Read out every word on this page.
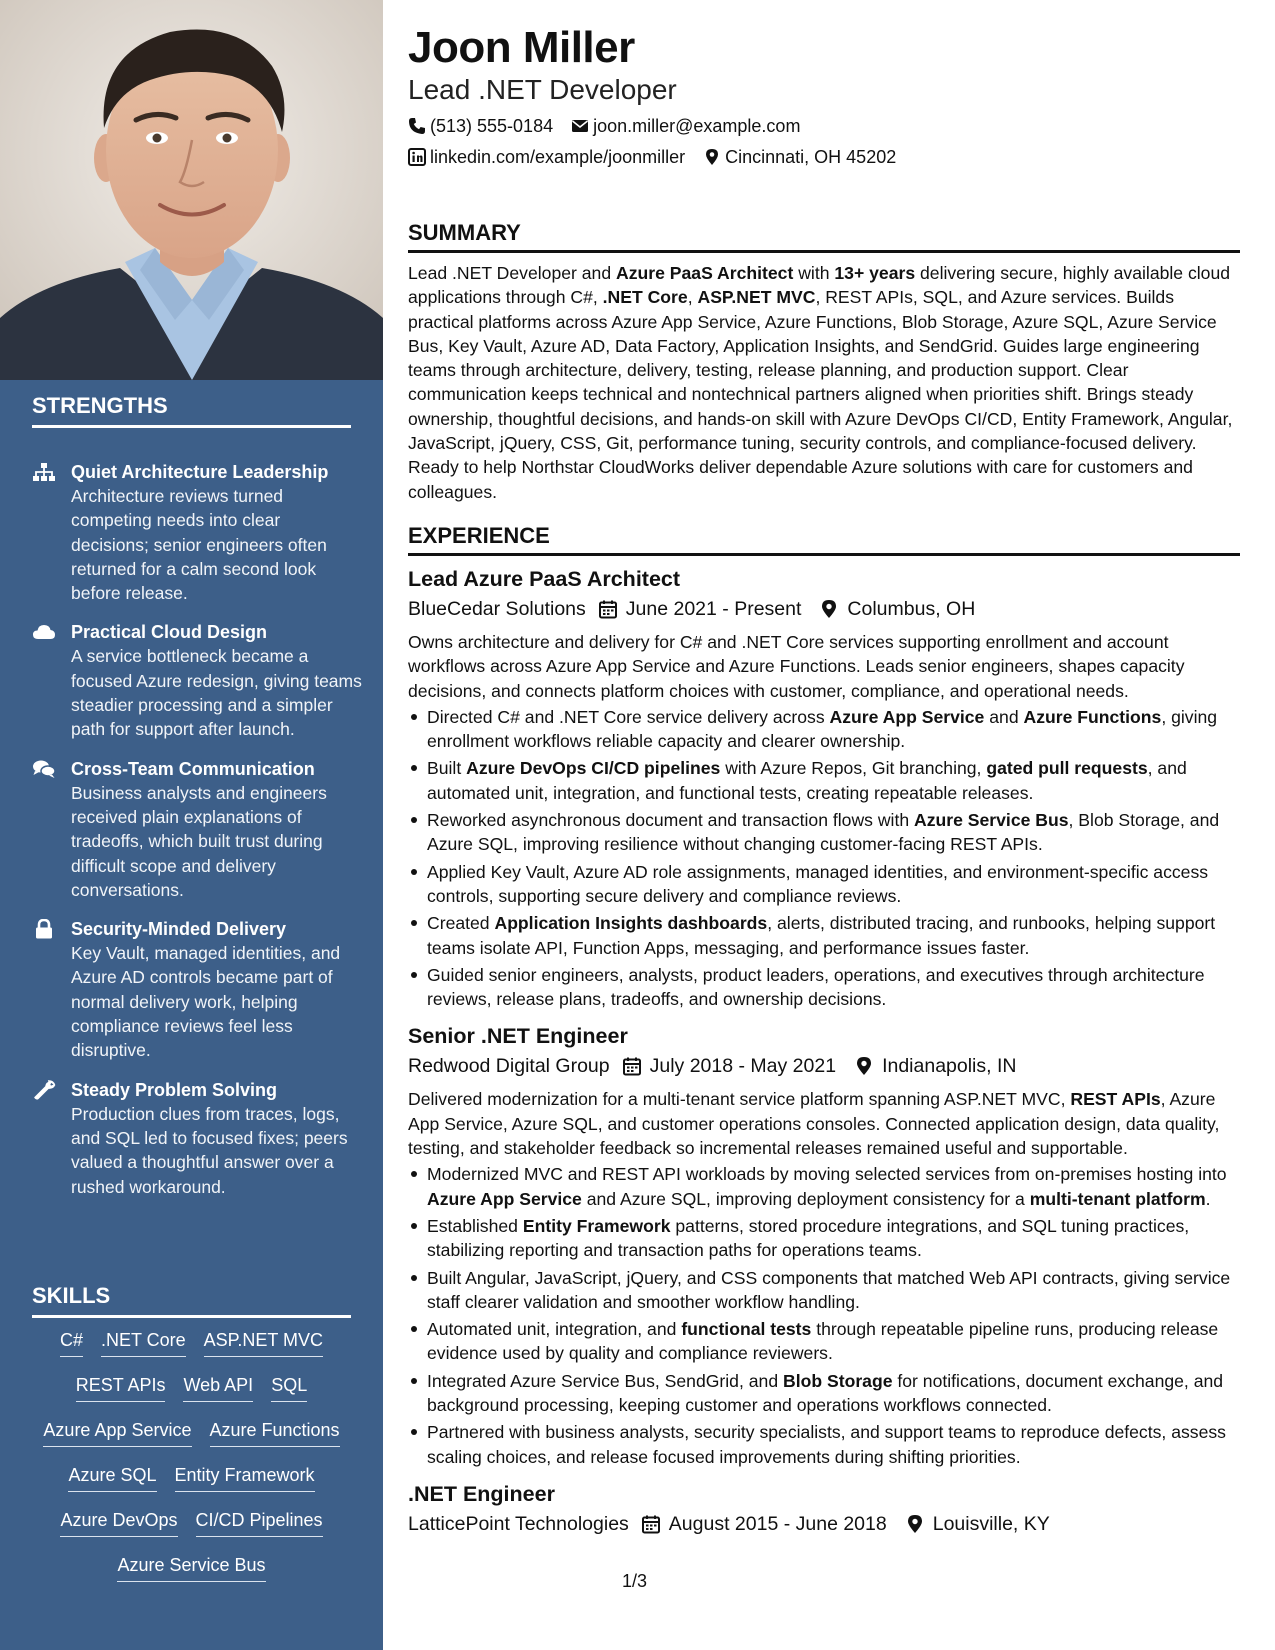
STRENGTHS
Quiet Architecture Leadership
Architecture reviews turned competing needs into clear decisions; senior engineers often returned for a calm second look before release.
Practical Cloud Design
A service bottleneck became a focused Azure redesign, giving teams steadier processing and a simpler path for support after launch.
Cross-Team Communication
Business analysts and engineers received plain explanations of tradeoffs, which built trust during difficult scope and delivery conversations.
Security-Minded Delivery
Key Vault, managed identities, and Azure AD controls became part of normal delivery work, helping compliance reviews feel less disruptive.
Steady Problem Solving
Production clues from traces, logs, and SQL led to focused fixes; peers valued a thoughtful answer over a rushed workaround.
SKILLS
C# .NET Core ASP.NET MVC
REST APIs Web API SQL
Azure App Service Azure Functions
Azure SQL Entity Framework
Azure DevOps CI/CD Pipelines
Azure Service Bus
Joon Miller
Lead .NET Developer
(513) 555-0184 joon.miller@example.com
linkedin.com/example/joonmiller Cincinnati, OH 45202
SUMMARY

Lead .NET Developer and Azure PaaS Architect with 13+ years delivering secure, highly available cloud applications through C#, .NET Core, ASP.NET MVC, REST APIs, SQL, and Azure services. Builds practical platforms across Azure App Service, Azure Functions, Blob Storage, Azure SQL, Azure Service Bus, Key Vault, Azure AD, Data Factory, Application Insights, and SendGrid. Guides large engineering teams through architecture, delivery, testing, release planning, and production support. Clear communication keeps technical and nontechnical partners aligned when priorities shift. Brings steady ownership, thoughtful decisions, and hands-on skill with Azure DevOps CI/CD, Entity Framework, Angular, JavaScript, jQuery, CSS, Git, performance tuning, security controls, and compliance-focused delivery. Ready to help Northstar CloudWorks deliver dependable Azure solutions with care for customers and colleagues.

EXPERIENCE
Lead Azure PaaS Architect
BlueCedar Solutions June 2021 - Present Columbus, OH

Owns architecture and delivery for C# and .NET Core services supporting enrollment and account workflows across Azure App Service and Azure Functions. Leads senior engineers, shapes capacity decisions, and connects platform choices with customer, compliance, and operational needs.

Directed C# and .NET Core service delivery across Azure App Service and Azure Functions, giving enrollment workflows reliable capacity and clearer ownership.
Built Azure DevOps CI/CD pipelines with Azure Repos, Git branching, gated pull requests, and automated unit, integration, and functional tests, creating repeatable releases.
Reworked asynchronous document and transaction flows with Azure Service Bus, Blob Storage, and Azure SQL, improving resilience without changing customer-facing REST APIs.
Applied Key Vault, Azure AD role assignments, managed identities, and environment-specific access controls, supporting secure delivery and compliance reviews.
Created Application Insights dashboards, alerts, distributed tracing, and runbooks, helping support teams isolate API, Function Apps, messaging, and performance issues faster.
Guided senior engineers, analysts, product leaders, operations, and executives through architecture reviews, release plans, tradeoffs, and ownership decisions.
Senior .NET Engineer
Redwood Digital Group July 2018 - May 2021 Indianapolis, IN

Delivered modernization for a multi-tenant service platform spanning ASP.NET MVC, REST APIs, Azure App Service, Azure SQL, and customer operations consoles. Connected application design, data quality, testing, and stakeholder feedback so incremental releases remained useful and supportable.

Modernized MVC and REST API workloads by moving selected services from on-premises hosting into Azure App Service and Azure SQL, improving deployment consistency for a multi-tenant platform.
Established Entity Framework patterns, stored procedure integrations, and SQL tuning practices, stabilizing reporting and transaction paths for operations teams.
Built Angular, JavaScript, jQuery, and CSS components that matched Web API contracts, giving service staff clearer validation and smoother workflow handling.
Automated unit, integration, and functional tests through repeatable pipeline runs, producing release evidence used by quality and compliance reviewers.
Integrated Azure Service Bus, SendGrid, and Blob Storage for notifications, document exchange, and background processing, keeping customer and operations workflows connected.
Partnered with business analysts, security specialists, and support teams to reproduce defects, assess scaling choices, and release focused improvements during shifting priorities.
.NET Engineer
LatticePoint Technologies August 2015 - June 2018 Louisville, KY
1/3
